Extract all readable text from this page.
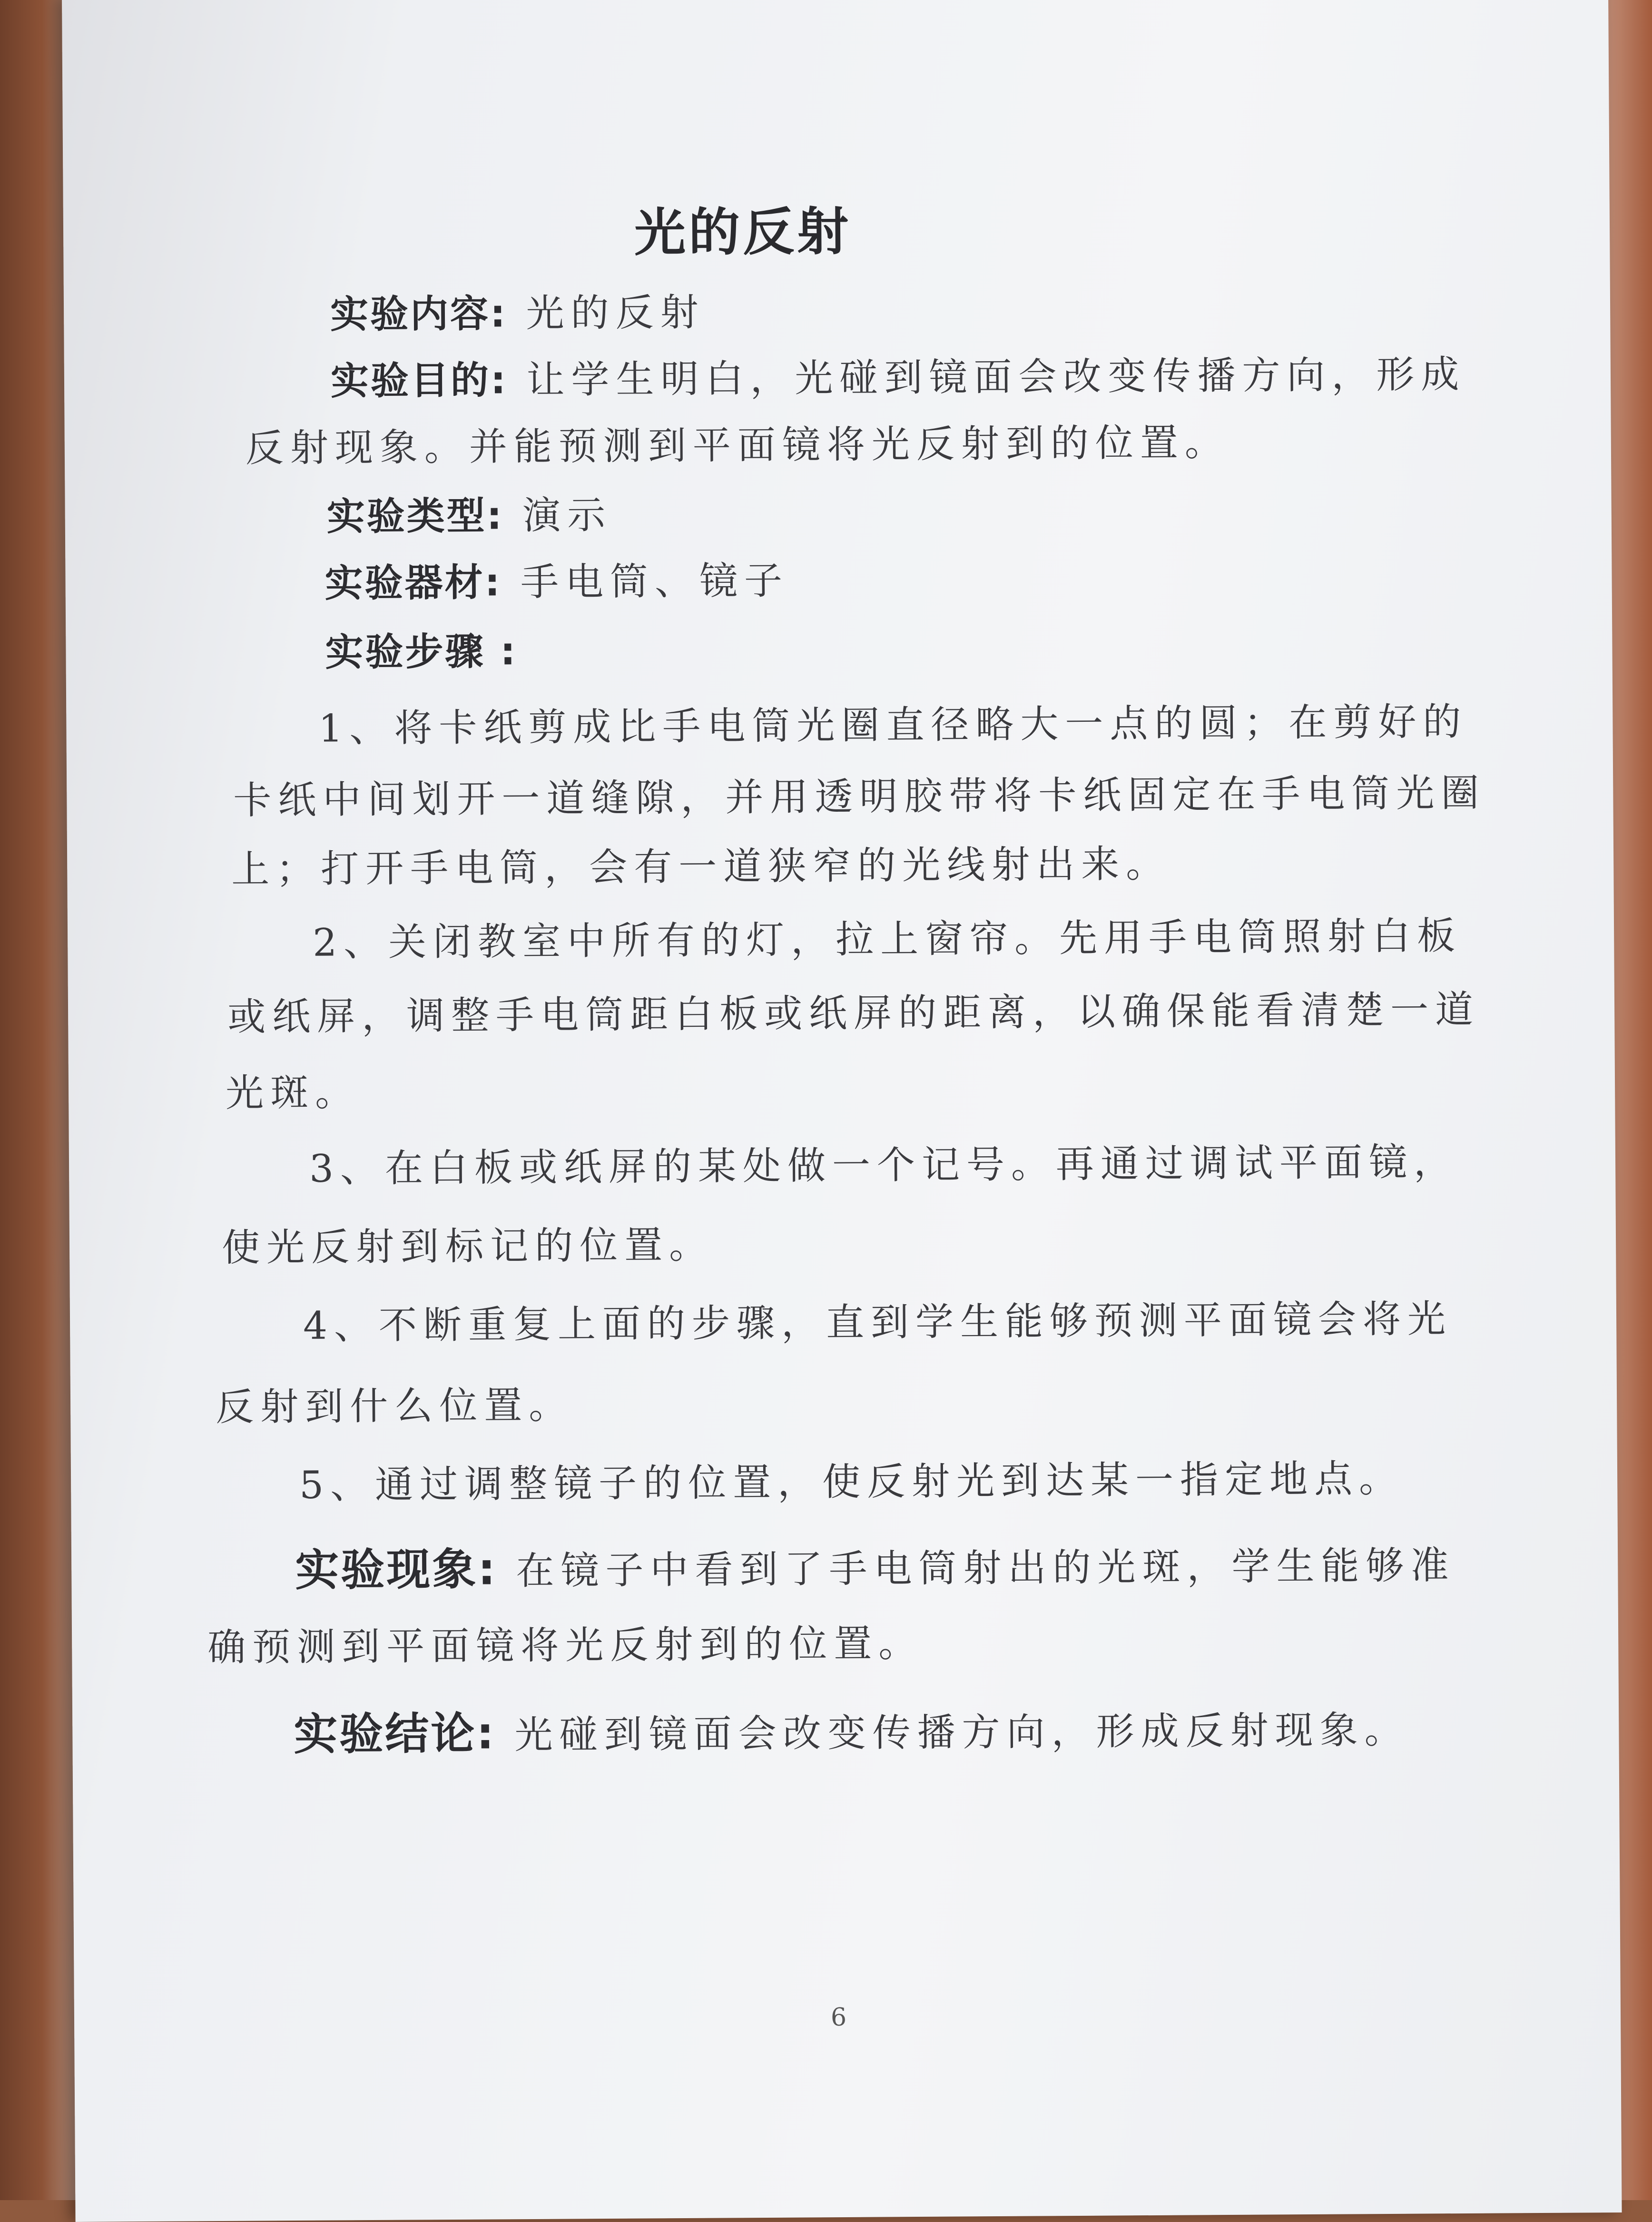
光的反射
实验内容: 光的反射
实验目的: 让学生明白，光碰到镜面会改变传播方向，形成
反射现象。并能预测到平面镜将光反射到的位置。
实验类型: 演示
实验器材: 手电筒、镜子
实验步骤 :
1、将卡纸剪成比手电筒光圈直径略大一点的圆；在剪好的
卡纸中间划开一道缝隙，并用透明胶带将卡纸固定在手电筒光圈
上；打开手电筒，会有一道狭窄的光线射出来。
2、关闭教室中所有的灯，拉上窗帘。先用手电筒照射白板
或纸屏，调整手电筒距白板或纸屏的距离，以确保能看清楚一道
光斑。
3、在白板或纸屏的某处做一个记号。再通过调试平面镜，
使光反射到标记的位置。
4、不断重复上面的步骤，直到学生能够预测平面镜会将光
反射到什么位置。
5、通过调整镜子的位置，使反射光到达某一指定地点。
实验现象: 在镜子中看到了手电筒射出的光斑，学生能够准
确预测到平面镜将光反射到的位置。
实验结论: 光碰到镜面会改变传播方向，形成反射现象。
6
